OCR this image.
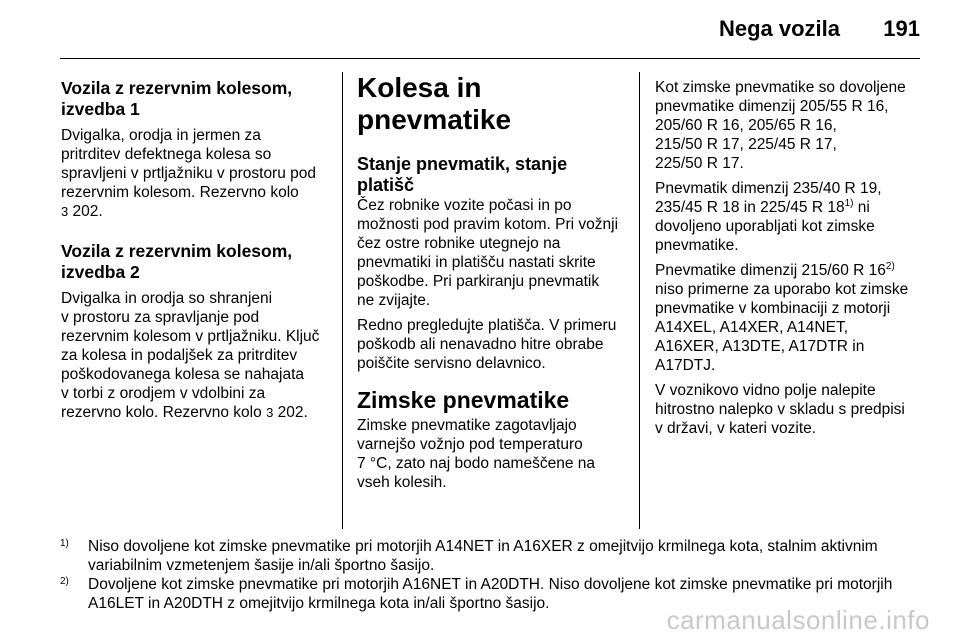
Nega vozila 191

Vozila z rezervnim kolesom,
izvedba 1

Dvigalka, orodja in jermen za
pritrditev defektnega kolesa so
spravljeni v prtljažniku v prostoru pod
rezervnim kolesom. Rezervno kolo

3 202.

Vozila z rezervnim kolesom,
izvedba 2

Dvigalka in orodja so shranjeni
v prostoru za spravljanje pod
rezervnim kolesom v prtljažniku. Ključ
za kolesa in podaljšek za pritrditev
poškodovanega kolesa se nahajata
v torbi z orodjem v vdolbini za
rezervno kolo. Rezervno kolo 3 202.

Kolesa in pnevmatike

Stanje pnevmatik, stanje platišč

Čez robnike vozite počasi in po
možnosti pod pravim kotom. Pri vožnji
čez ostre robnike utegnejo na
pnevmatiki in platišču nastati skrite
poškodbe. Pri parkiranju pnevmatik
ne zvijajte.

Redno pregledujte platišča. V primeru
poškodb ali nenavadno hitre obrabe
poiščite servisno delavnico.

Zimske pnevmatike

Zimske pnevmatike zagotavljajo
varnejšo vožnjo pod temperaturo
7 °C, zato naj bodo nameščene na
vseh kolesih.

Kot zimske pnevmatike so dovoljene
pnevmatike dimenzij 205/55 R 16,
205/60 R 16, 205/65 R 16,
215/50 R 17, 225/45 R 17,
225/50 R 17.

Pnevmatik dimenzij 235/40 R 19,
235/45 R 18 in 225/45 R 18$^{1)}$ ni
dovoljeno uporabljati kot zimske
pnevmatike.

Pnevmatike dimenzij 215/60 R 16$^{2)}$
niso primerne za uporabo kot zimske
pnevmatike v kombinaciji z motorji
A14XEL, A14XER, A14NET,
A16XER, A13DTE, A17DTR in
A17DTJ.

V voznikovo vidno polje nalepite
hitrostno nalepko v skladu s predpisi
v državi, v kateri vozite.

1) Niso dovoljene kot zimske pnevmatike pri motorjih A14NET in A16XER z omejitvijo krmilnega kota, stalnim aktivnim variabilnim vzmetenjem šasije in/ali športno šasijo.
2) Dovoljene kot zimske pnevmatike pri motorjih A16NET in A20DTH. Niso dovoljene kot zimske pnevmatike pri motorjih A16LET in A20DTH z omejitvijo krmilnega kota in/ali športno šasijo.
carmanualsonline.info
